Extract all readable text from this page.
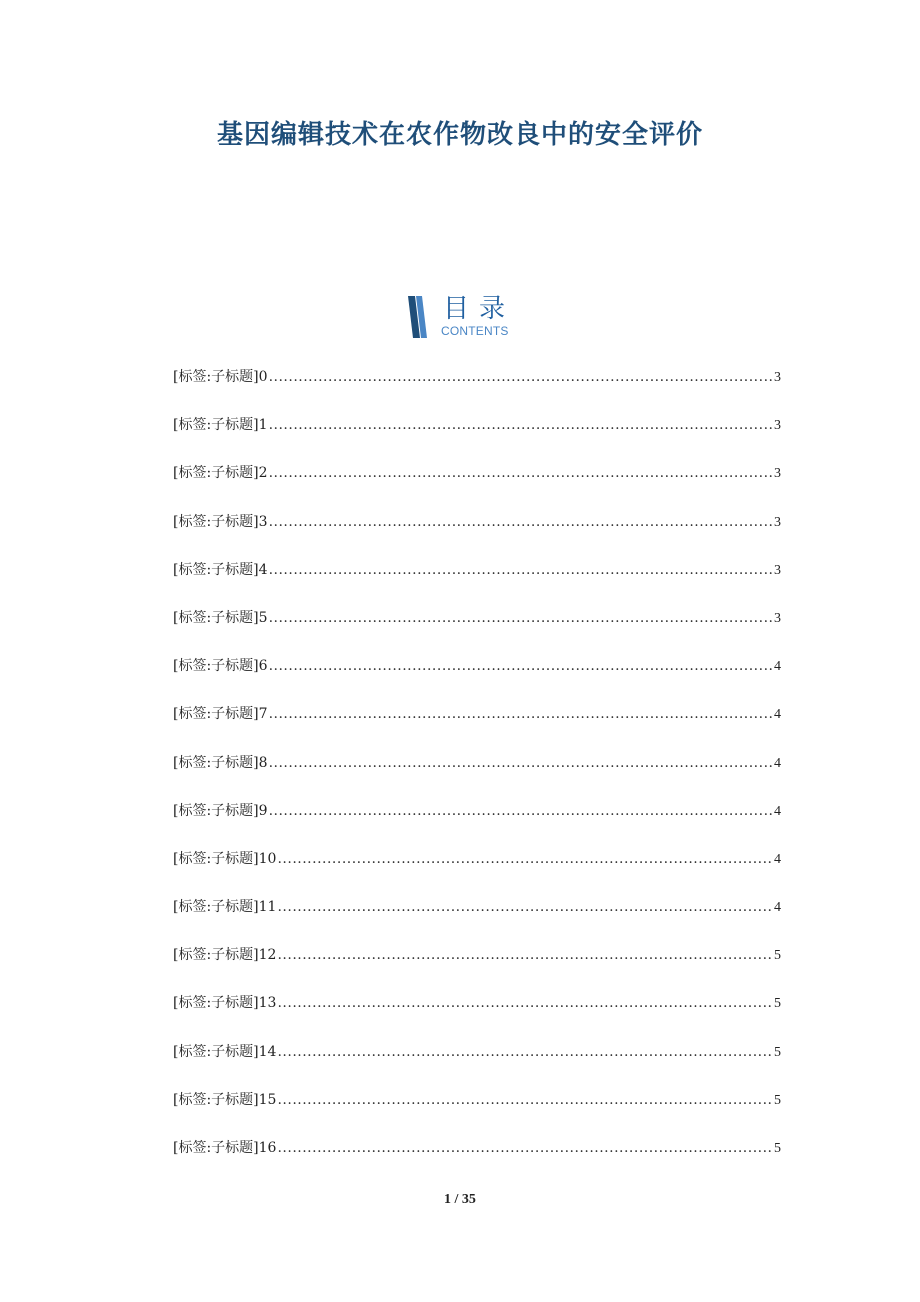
基因编辑技术在农作物改良中的安全评价
目录
CONTENTS
[标签:子标题]0 .....	3
[标签:子标题]1 .....	3
[标签:子标题]2 .....	3
[标签:子标题]3 .....	3
[标签:子标题]4 .....	3
[标签:子标题]5 .....	3
[标签:子标题]6 .....	4
[标签:子标题]7 .....	4
[标签:子标题]8 .....	4
[标签:子标题]9 .....	4
[标签:子标题]10 .....	4
[标签:子标题]11 .....	4
[标签:子标题]12 .....	5
[标签:子标题]13 .....	5
[标签:子标题]14 .....	5
[标签:子标题]15 .....	5
[标签:子标题]16 .....	5
1 / 35
